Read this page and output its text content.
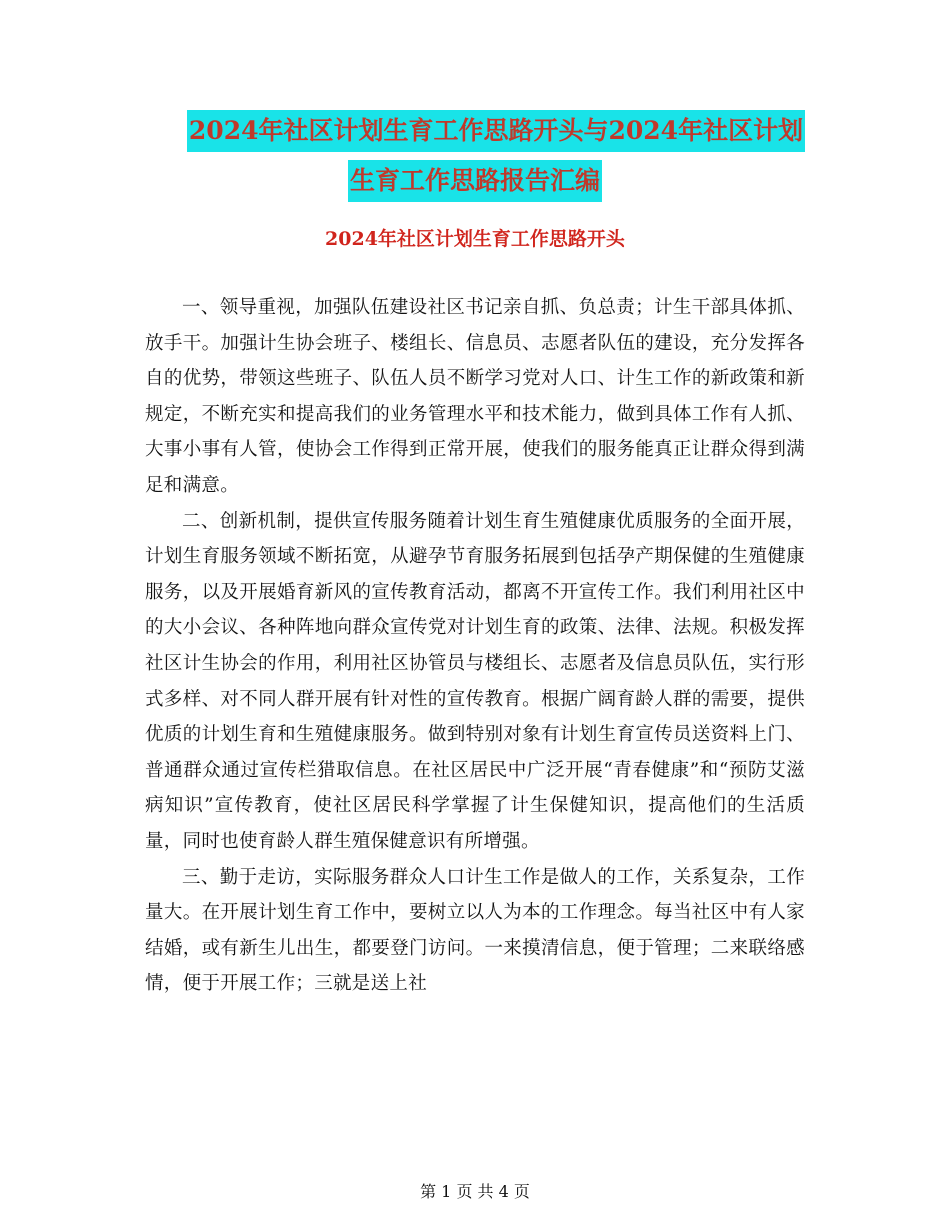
2024年社区计划生育工作思路开头与2024年社区计划
生育工作思路报告汇编
2024年社区计划生育工作思路开头

一、领导重视，加强队伍建设社区书记亲自抓、负总责；计生干部具体抓、放手干。加强计生协会班子、楼组长、信息员、志愿者队伍的建设，充分发挥各自的优势，带领这些班子、队伍人员不断学习党对人口、计生工作的新政策和新规定，不断充实和提高我们的业务管理水平和技术能力，做到具体工作有人抓、大事小事有人管，使协会工作得到正常开展，使我们的服务能真正让群众得到满足和满意。

二、创新机制，提供宣传服务随着计划生育生殖健康优质服务的全面开展，计划生育服务领域不断拓宽，从避孕节育服务拓展到包括孕产期保健的生殖健康服务，以及开展婚育新风的宣传教育活动，都离不开宣传工作。我们利用社区中的大小会议、各种阵地向群众宣传党对计划生育的政策、法律、法规。积极发挥社区计生协会的作用，利用社区协管员与楼组长、志愿者及信息员队伍，实行形式多样、对不同人群开展有针对性的宣传教育。根据广阔育龄人群的需要，提供优质的计划生育和生殖健康服务。做到特别对象有计划生育宣传员送资料上门、普通群众通过宣传栏猎取信息。在社区居民中广泛开展“青春健康”和“预防艾滋病知识”宣传教育，使社区居民科学掌握了计生保健知识，提高他们的生活质量，同时也使育龄人群生殖保健意识有所增强。

三、勤于走访，实际服务群众人口计生工作是做人的工作，关系复杂，工作量大。在开展计划生育工作中，要树立以人为本的工作理念。每当社区中有人家结婚，或有新生儿出生，都要登门访问。一来摸清信息，便于管理；二来联络感情，便于开展工作；三就是送上社

第 1 页 共 4 页
